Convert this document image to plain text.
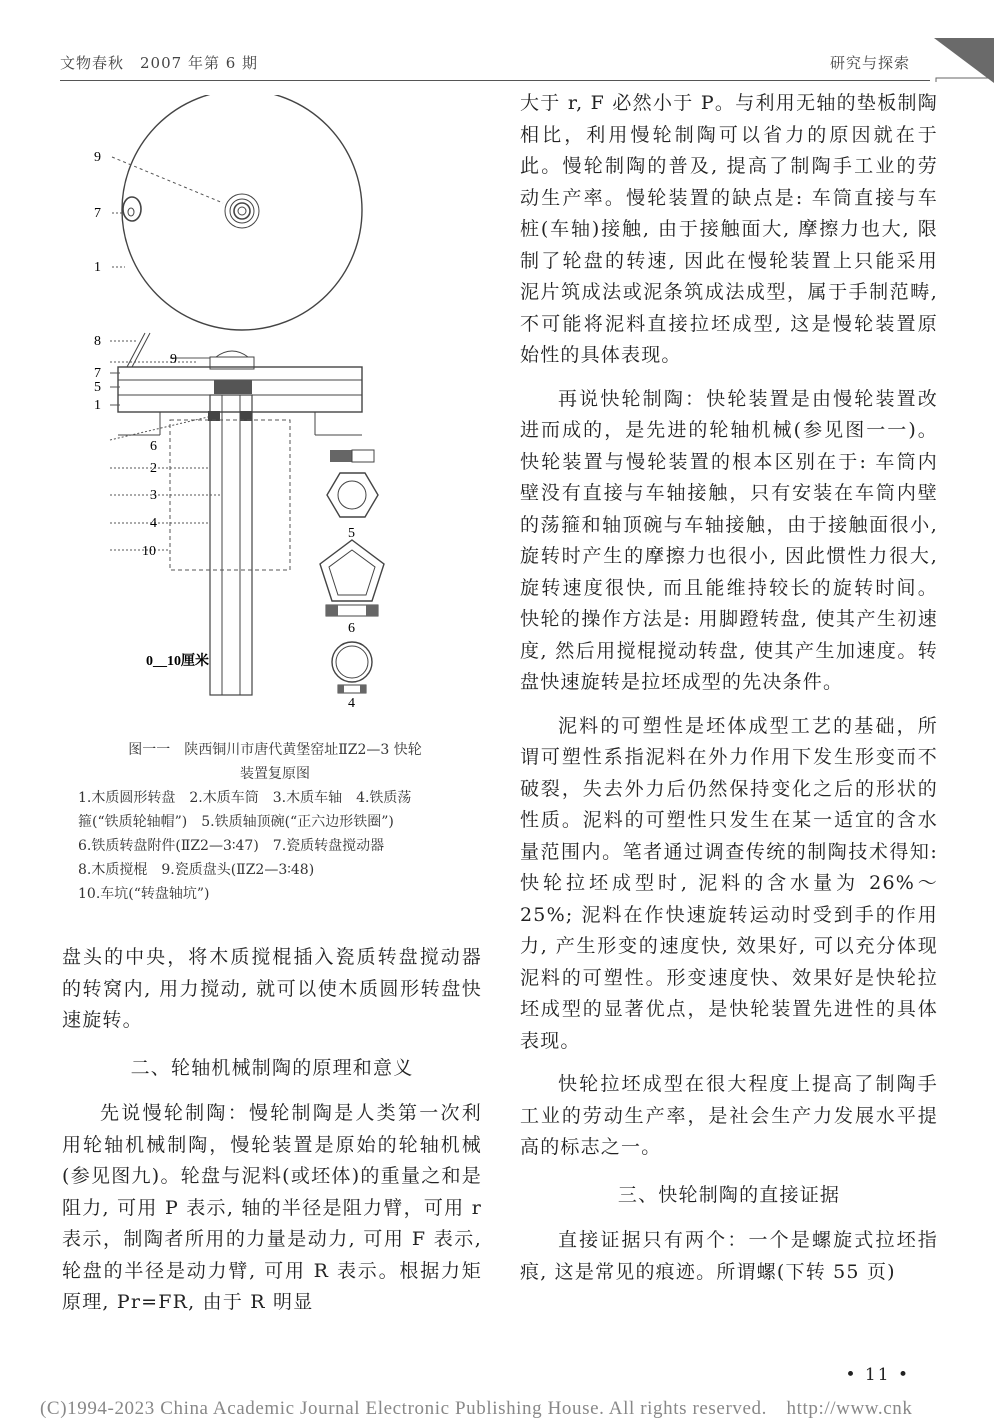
文物春秋　2007 年第 6 期	研究与探索
9
7
1
8
9
7
5
1
6
2
3
4
10
5
6
4
0__10厘米
图一一　陕西铜川市唐代黄堡窑址ⅡZ2—3 快轮
装置复原图
1.木质圆形转盘　2.木质车筒　3.木质车轴　4.铁质荡
箍(“铁质轮轴帽”)　5.铁质轴顶碗(“正六边形铁圈”)
6.铁质转盘附件(ⅡZ2—3∶47)　7.瓷质转盘搅动器
8.木质搅棍　9.瓷质盘头(ⅡZ2—3∶48)
10.车坑(“转盘轴坑”)

盘头的中央，将木质搅棍插入瓷质转盘搅动器的转窝内, 用力搅动, 就可以使木质圆形转盘快速旋转。

二、轮轴机械制陶的原理和意义

先说慢轮制陶：慢轮制陶是人类第一次利用轮轴机械制陶，慢轮装置是原始的轮轴机械(参见图九)。轮盘与泥料(或坯体)的重量之和是阻力, 可用 P 表示, 轴的半径是阻力臂，可用 r 表示，制陶者所用的力量是动力, 可用 F 表示, 轮盘的半径是动力臂, 可用 R 表示。根据力矩原理, Pr=FR, 由于 R 明显

大于 r, F 必然小于 P。与利用无轴的垫板制陶相比，利用慢轮制陶可以省力的原因就在于此。慢轮制陶的普及, 提高了制陶手工业的劳动生产率。慢轮装置的缺点是: 车筒直接与车桩(车轴)接触, 由于接触面大, 摩擦力也大, 限制了轮盘的转速, 因此在慢轮装置上只能采用泥片筑成法或泥条筑成法成型，属于手制范畴, 不可能将泥料直接拉坯成型, 这是慢轮装置原始性的具体表现。

再说快轮制陶：快轮装置是由慢轮装置改进而成的，是先进的轮轴机械(参见图一一)。快轮装置与慢轮装置的根本区别在于: 车筒内壁没有直接与车轴接触，只有安装在车筒内壁的荡箍和轴顶碗与车轴接触，由于接触面很小, 旋转时产生的摩擦力也很小, 因此惯性力很大, 旋转速度很快, 而且能维持较长的旋转时间。快轮的操作方法是: 用脚蹬转盘, 使其产生初速度, 然后用搅棍搅动转盘, 使其产生加速度。转盘快速旋转是拉坯成型的先决条件。

泥料的可塑性是坯体成型工艺的基础，所谓可塑性系指泥料在外力作用下发生形变而不破裂，失去外力后仍然保持变化之后的形状的性质。泥料的可塑性只发生在某一适宜的含水量范围内。笔者通过调查传统的制陶技术得知: 快轮拉坯成型时, 泥料的含水量为 26%～25%; 泥料在作快速旋转运动时受到手的作用力, 产生形变的速度快, 效果好, 可以充分体现泥料的可塑性。形变速度快、效果好是快轮拉坯成型的显著优点，是快轮装置先进性的具体表现。

快轮拉坯成型在很大程度上提高了制陶手工业的劳动生产率，是社会生产力发展水平提高的标志之一。

三、快轮制陶的直接证据

直接证据只有两个：一个是螺旋式拉坯指痕, 这是常见的痕迹。所谓螺(下转 55 页)

• 11 •
(C)1994-2023 China Academic Journal Electronic Publishing House. All rights reserved.　http://www.cnk
